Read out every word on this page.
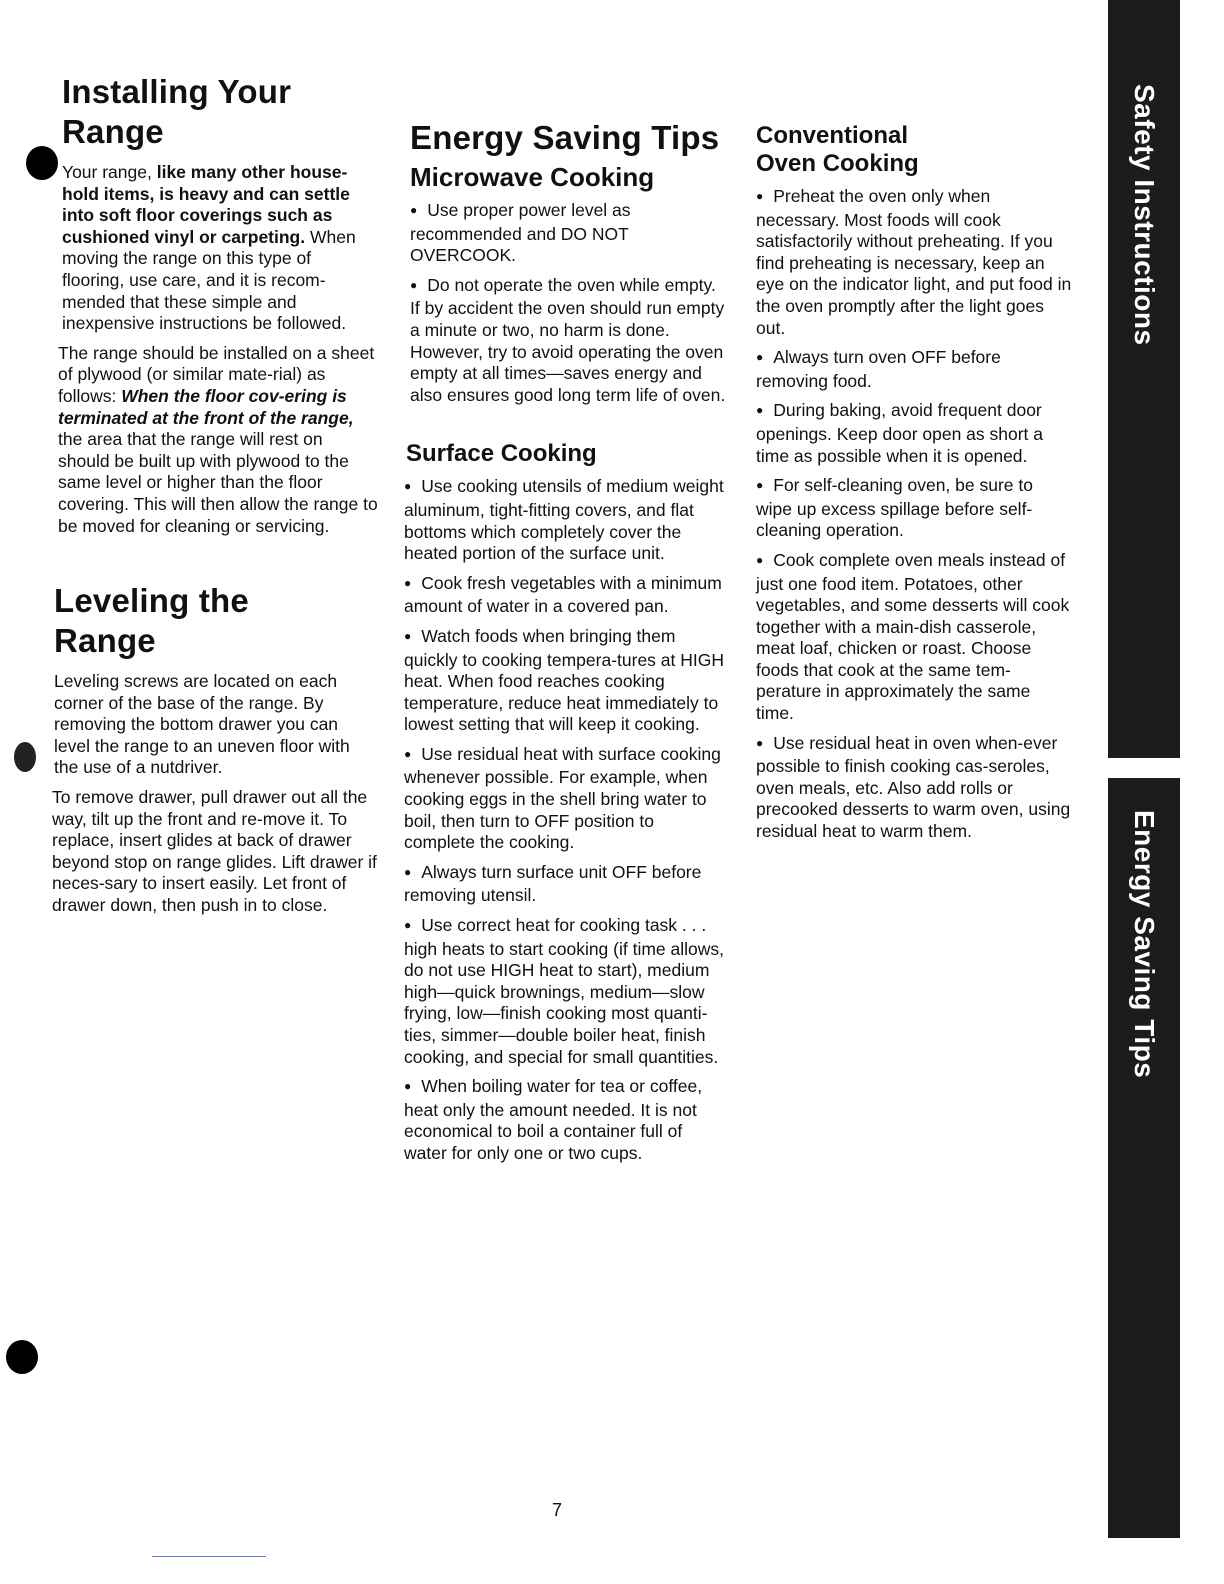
Installing Your
Range

Your range, like many other house-hold items, is heavy and can settle into soft floor coverings such as cushioned vinyl or carpeting. When moving the range on this type of flooring, use care, and it is recom-mended that these simple and inexpensive instructions be followed.

The range should be installed on a sheet of plywood (or similar mate-rial) as follows: When the floor cov-ering is terminated at the front of the range, the area that the range will rest on should be built up with plywood to the same level or higher than the floor covering. This will then allow the range to be moved for cleaning or servicing.

Leveling the
Range

Leveling screws are located on each corner of the base of the range. By removing the bottom drawer you can level the range to an uneven floor with the use of a nutdriver.

To remove drawer, pull drawer out all the way, tilt up the front and re-move it. To replace, insert glides at back of drawer beyond stop on range glides. Lift drawer if neces-sary to insert easily. Let front of drawer down, then push in to close.

Energy Saving Tips
Microwave Cooking

● Use proper power level as recommended and DO NOT OVERCOOK.

● Do not operate the oven while empty. If by accident the oven should run empty a minute or two, no harm is done. However, try to avoid operating the oven empty at all times—saves energy and also ensures good long term life of oven.

Surface Cooking

● Use cooking utensils of medium weight aluminum, tight-fitting covers, and flat bottoms which completely cover the heated portion of the surface unit.

● Cook fresh vegetables with a minimum amount of water in a covered pan.

● Watch foods when bringing them quickly to cooking tempera-tures at HIGH heat. When food reaches cooking temperature, reduce heat immediately to lowest setting that will keep it cooking.

● Use residual heat with surface cooking whenever possible. For example, when cooking eggs in the shell bring water to boil, then turn to OFF position to complete the cooking.

● Always turn surface unit OFF before removing utensil.

● Use correct heat for cooking task . . . high heats to start cooking (if time allows, do not use HIGH heat to start), medium high—quick brownings, medium—slow frying, low—finish cooking most quanti-ties, simmer—double boiler heat, finish cooking, and special for small quantities.

● When boiling water for tea or coffee, heat only the amount needed. It is not economical to boil a container full of water for only one or two cups.

Conventional
Oven Cooking

● Preheat the oven only when necessary. Most foods will cook satisfactorily without preheating. If you find preheating is necessary, keep an eye on the indicator light, and put food in the oven promptly after the light goes out.

● Always turn oven OFF before removing food.

● During baking, avoid frequent door openings. Keep door open as short a time as possible when it is opened.

● For self-cleaning oven, be sure to wipe up excess spillage before self-cleaning operation.

● Cook complete oven meals instead of just one food item. Potatoes, other vegetables, and some desserts will cook together with a main-dish casserole, meat loaf, chicken or roast. Choose foods that cook at the same tem-perature in approximately the same time.

● Use residual heat in oven when-ever possible to finish cooking cas-seroles, oven meals, etc. Also add rolls or precooked desserts to warm oven, using residual heat to warm them.

Safety Instructions
Energy Saving Tips
7
